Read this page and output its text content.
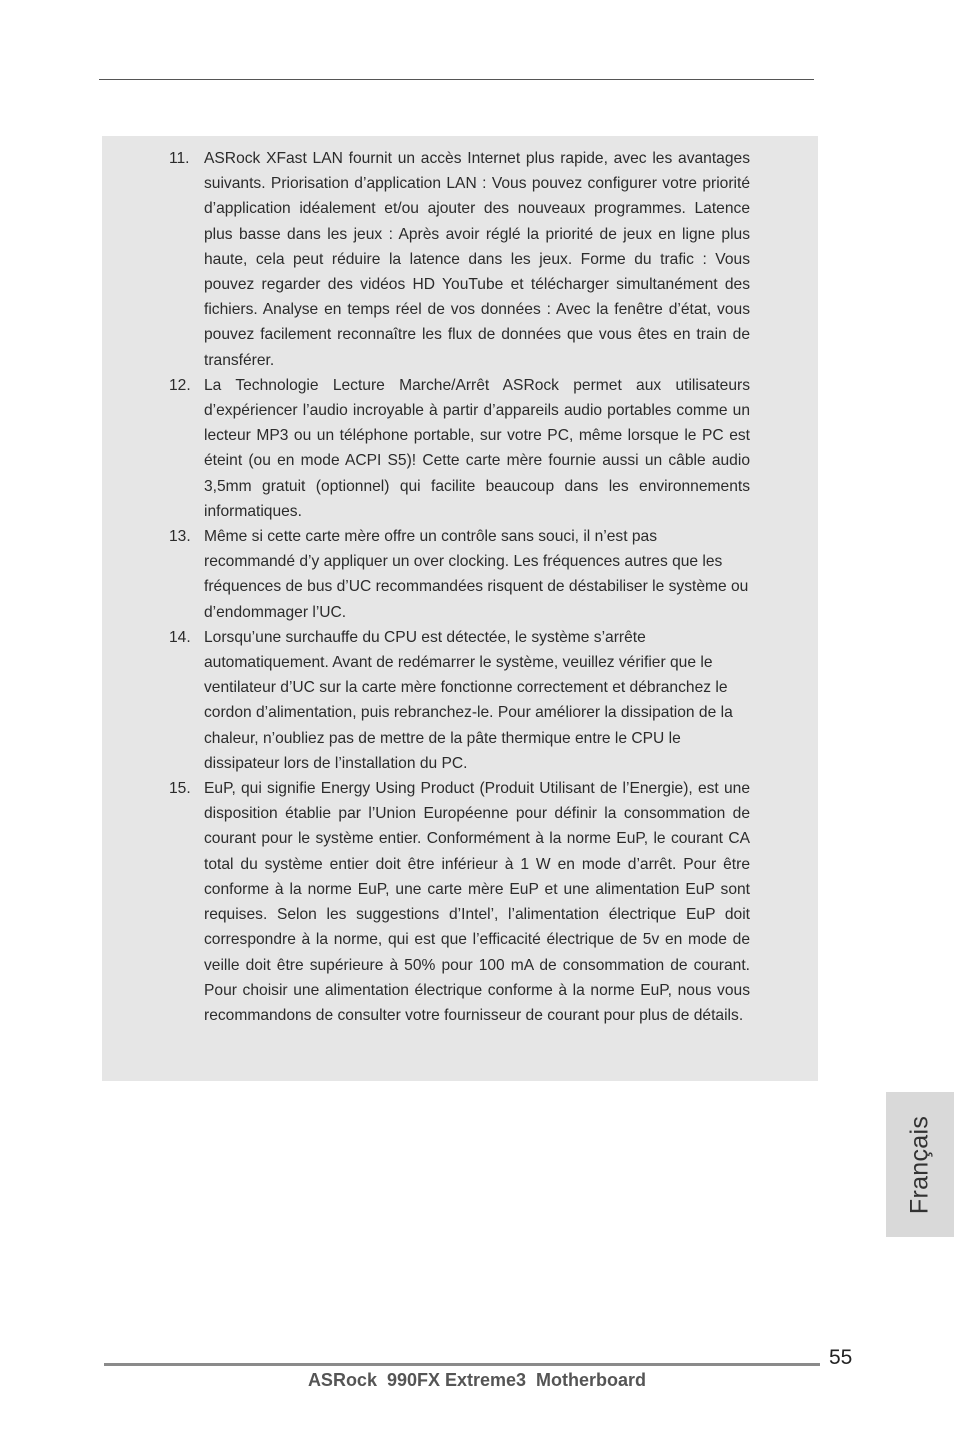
11. ASRock XFast LAN fournit un accès Internet plus rapide, avec les avantages suivants. Priorisation d’application LAN : Vous pouvez configurer votre priorité d’application idéalement et/ou ajouter des nouveaux programmes. Latence plus basse dans les jeux : Après avoir réglé la priorité de jeux en ligne plus haute, cela peut réduire la latence dans les jeux. Forme du trafic : Vous pouvez regarder des vidéos HD YouTube et télécharger simultanément des fichiers. Analyse en temps réel de vos données : Avec la fenêtre d’état, vous pouvez facilement reconnaître les flux de données que vous êtes en train de transférer.
12. La Technologie Lecture Marche/Arrêt ASRock permet aux utilisateurs d’expériencer l’audio incroyable à partir d’appareils audio portables comme un lecteur MP3 ou un téléphone portable, sur votre PC, même lorsque le PC est éteint (ou en mode ACPI S5)! Cette carte mère fournie aussi un câble audio 3,5mm gratuit (optionnel) qui facilite beaucoup dans les environnements informatiques.
13. Même si cette carte mère offre un contrôle sans souci, il n’est pas recommandé d’y appliquer un over clocking. Les fréquences autres que les fréquences de bus d’UC recommandées risquent de déstabiliser le système ou d’endommager l’UC.
14. Lorsqu’une surchauffe du CPU est détectée, le système s’arrête automatiquement. Avant de redémarrer le système, veuillez vérifier que le ventilateur d’UC sur la carte mère fonctionne correctement et débranchez le cordon d’alimentation, puis rebranchez-le. Pour améliorer la dissipation de la chaleur, n’oubliez pas de mettre de la pâte thermique entre le CPU le dissipateur lors de l’installation du PC.
15. EuP, qui signifie Energy Using Product (Produit Utilisant de l’Energie), est une disposition établie par l’Union Européenne pour définir la consommation de courant pour le système entier. Conformément à la norme EuP, le courant CA total du système entier doit être inférieur à 1 W en mode d’arrêt. Pour être conforme à la norme EuP, une carte mère EuP et une alimentation EuP sont requises. Selon les suggestions d’Intel’, l’alimentation électrique EuP doit correspondre à la norme, qui est que l’efficacité électrique de 5v en mode de veille doit être supérieure à 50% pour 100 mA de consommation de courant. Pour choisir une alimentation électrique conforme à la norme EuP, nous vous recommandons de consulter votre fournisseur de courant pour plus de détails.
Français
55
ASRock  990FX Extreme3  Motherboard
